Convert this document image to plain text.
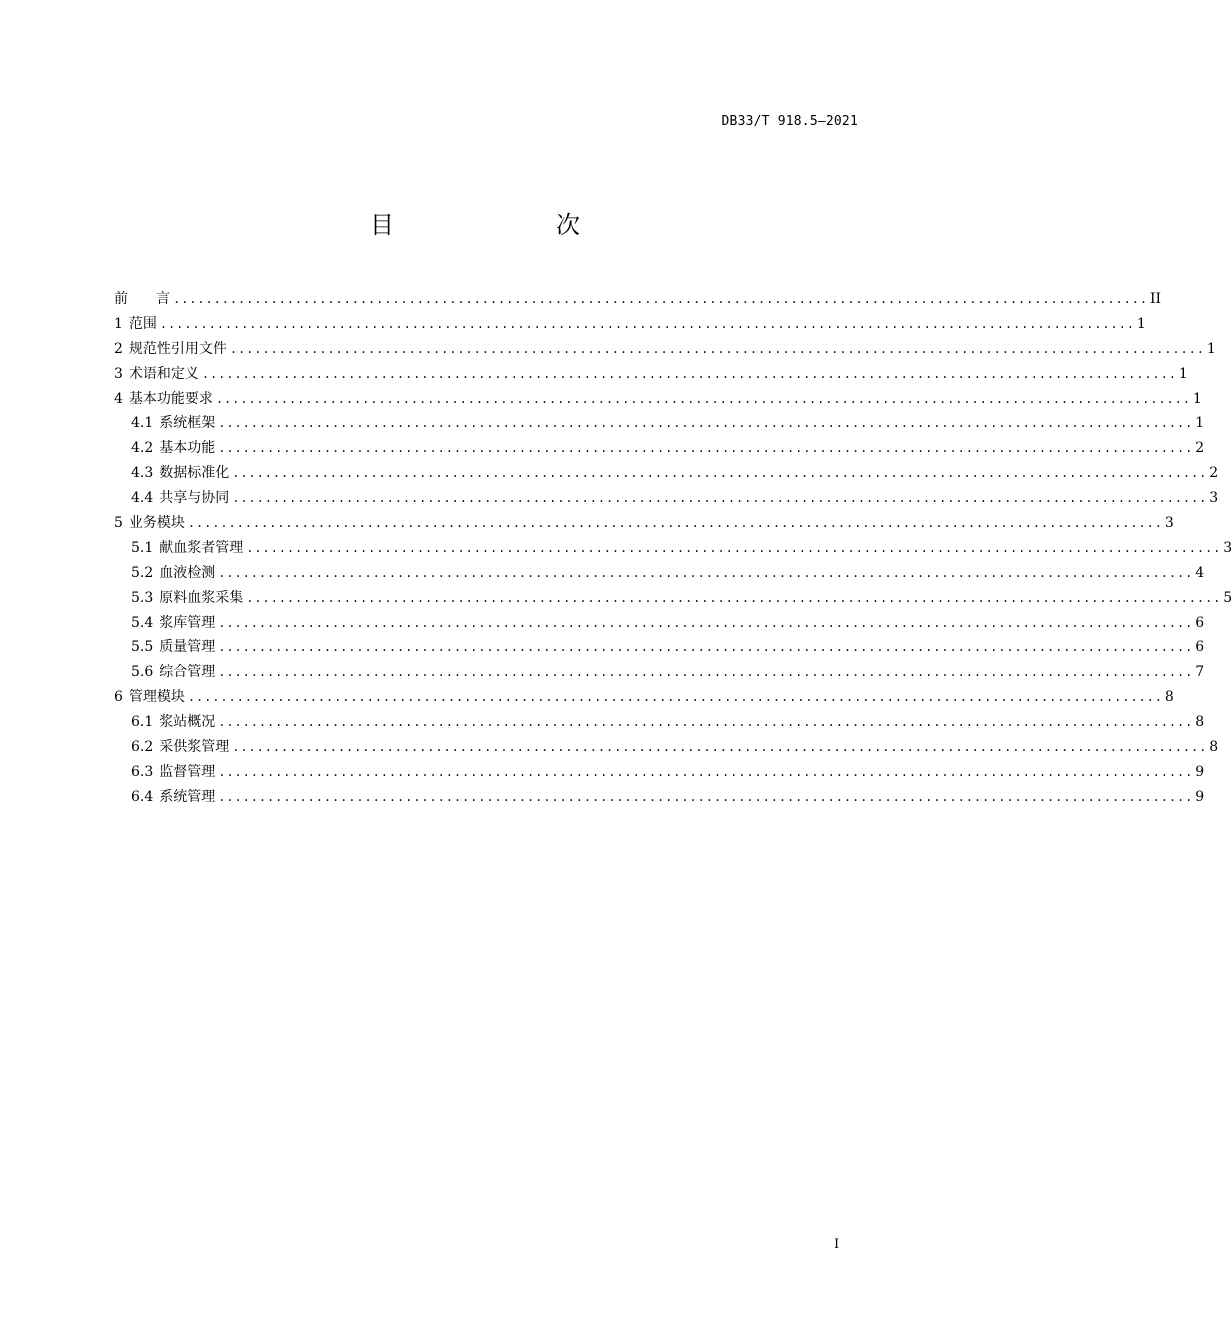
DB33/T 918.5—2021
目　　次
前　　言 ........................................................................................................................ II
1 范围 ........................................................................................................................ 1
2 规范性引用文件 ........................................................................................................................ 1
3 术语和定义 ........................................................................................................................ 1
4 基本功能要求 ........................................................................................................................ 1
4.1 系统框架 ........................................................................................................................ 1
4.2 基本功能 ........................................................................................................................ 2
4.3 数据标准化 ........................................................................................................................ 2
4.4 共享与协同 ........................................................................................................................ 3
5 业务模块 ........................................................................................................................ 3
5.1 献血浆者管理 ........................................................................................................................ 3
5.2 血液检测 ........................................................................................................................ 4
5.3 原料血浆采集 ........................................................................................................................ 5
5.4 浆库管理 ........................................................................................................................ 6
5.5 质量管理 ........................................................................................................................ 6
5.6 综合管理 ........................................................................................................................ 7
6 管理模块 ........................................................................................................................ 8
6.1 浆站概况 ........................................................................................................................ 8
6.2 采供浆管理 ........................................................................................................................ 8
6.3 监督管理 ........................................................................................................................ 9
6.4 系统管理 ........................................................................................................................ 9
I
